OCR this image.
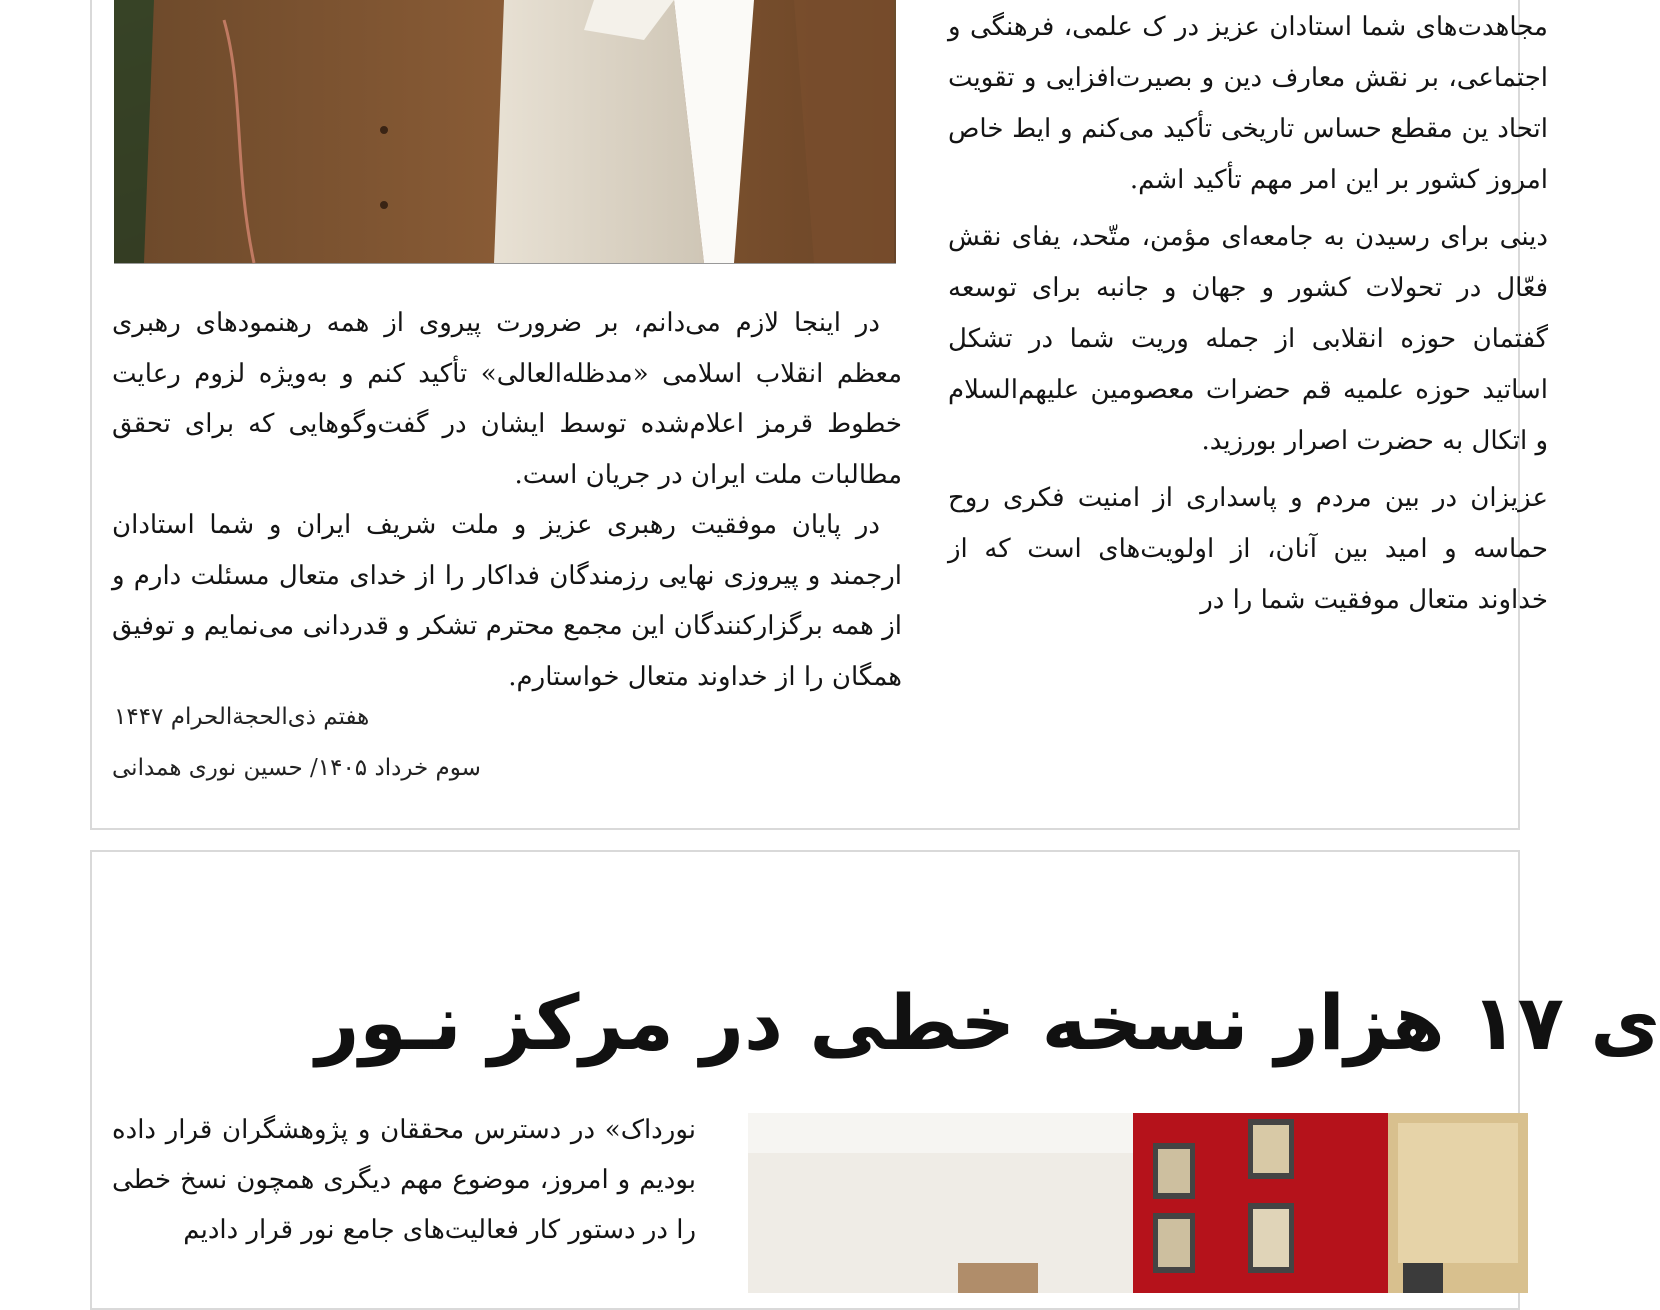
مجاهدت‌های شما استادان عزیز در ک علمی، فرهنگی و اجتماعی، بر نقش معارف دین و بصیرت‌افزایی و تقویت اتحاد ین مقطع حساس تاریخی تأکید می‌کنم و ایط خاص امروز کشور بر این امر مهم تأکید اشم.

دینی برای رسیدن به جامعه‌ای مؤمن، متّحد، یفای نقش فعّال در تحولات کشور و جهان و جانبه برای توسعه گفتمان حوزه انقلابی از جمله وریت شما در تشکل اساتید حوزه علمیه قم حضرات معصومین علیهم‌السلام و اتکال به حضرت اصرار بورزید.

عزیزان در بین مردم و پاسداری از امنیت فکری روح حماسه و امید بین آنان، از اولویت‌های است که از خداوند متعال موفقیت شما را در

در اینجا لازم می‌دانم، بر ضرورت پیروی از همه رهنمودهای رهبری معظم انقلاب اسلامی «مدظله‌العالی» تأکید کنم و به‌ویژه لزوم رعایت خطوط قرمز اعلام‌شده توسط ایشان در گفت‌وگوهایی که برای تحقق مطالبات ملت ایران در جریان است.

در پایان موفقیت رهبری عزیز و ملت شریف ایران و شما استادان ارجمند و پیروزی نهایی رزمندگان فداکار را از خدای متعال مسئلت دارم و از همه برگزارکنندگان این مجمع محترم تشکر و قدردانی می‌نمایم و توفیق همگان را از خداوند متعال خواستارم.

هفتم ذی‌الحجة‌الحرام ۱۴۴۷
سوم خرداد ۱۴۰۵/ حسین نوری همدانی
ی ۱۷ هزار نسخه خطی در مرکز نـور

نورداک» در دسترس محققان و پژوهشگران قرار داده بودیم و امروز، موضوع مهم دیگری همچون نسخ خطی را در دستور کار فعالیت‌های جامع نور قرار دادیم
